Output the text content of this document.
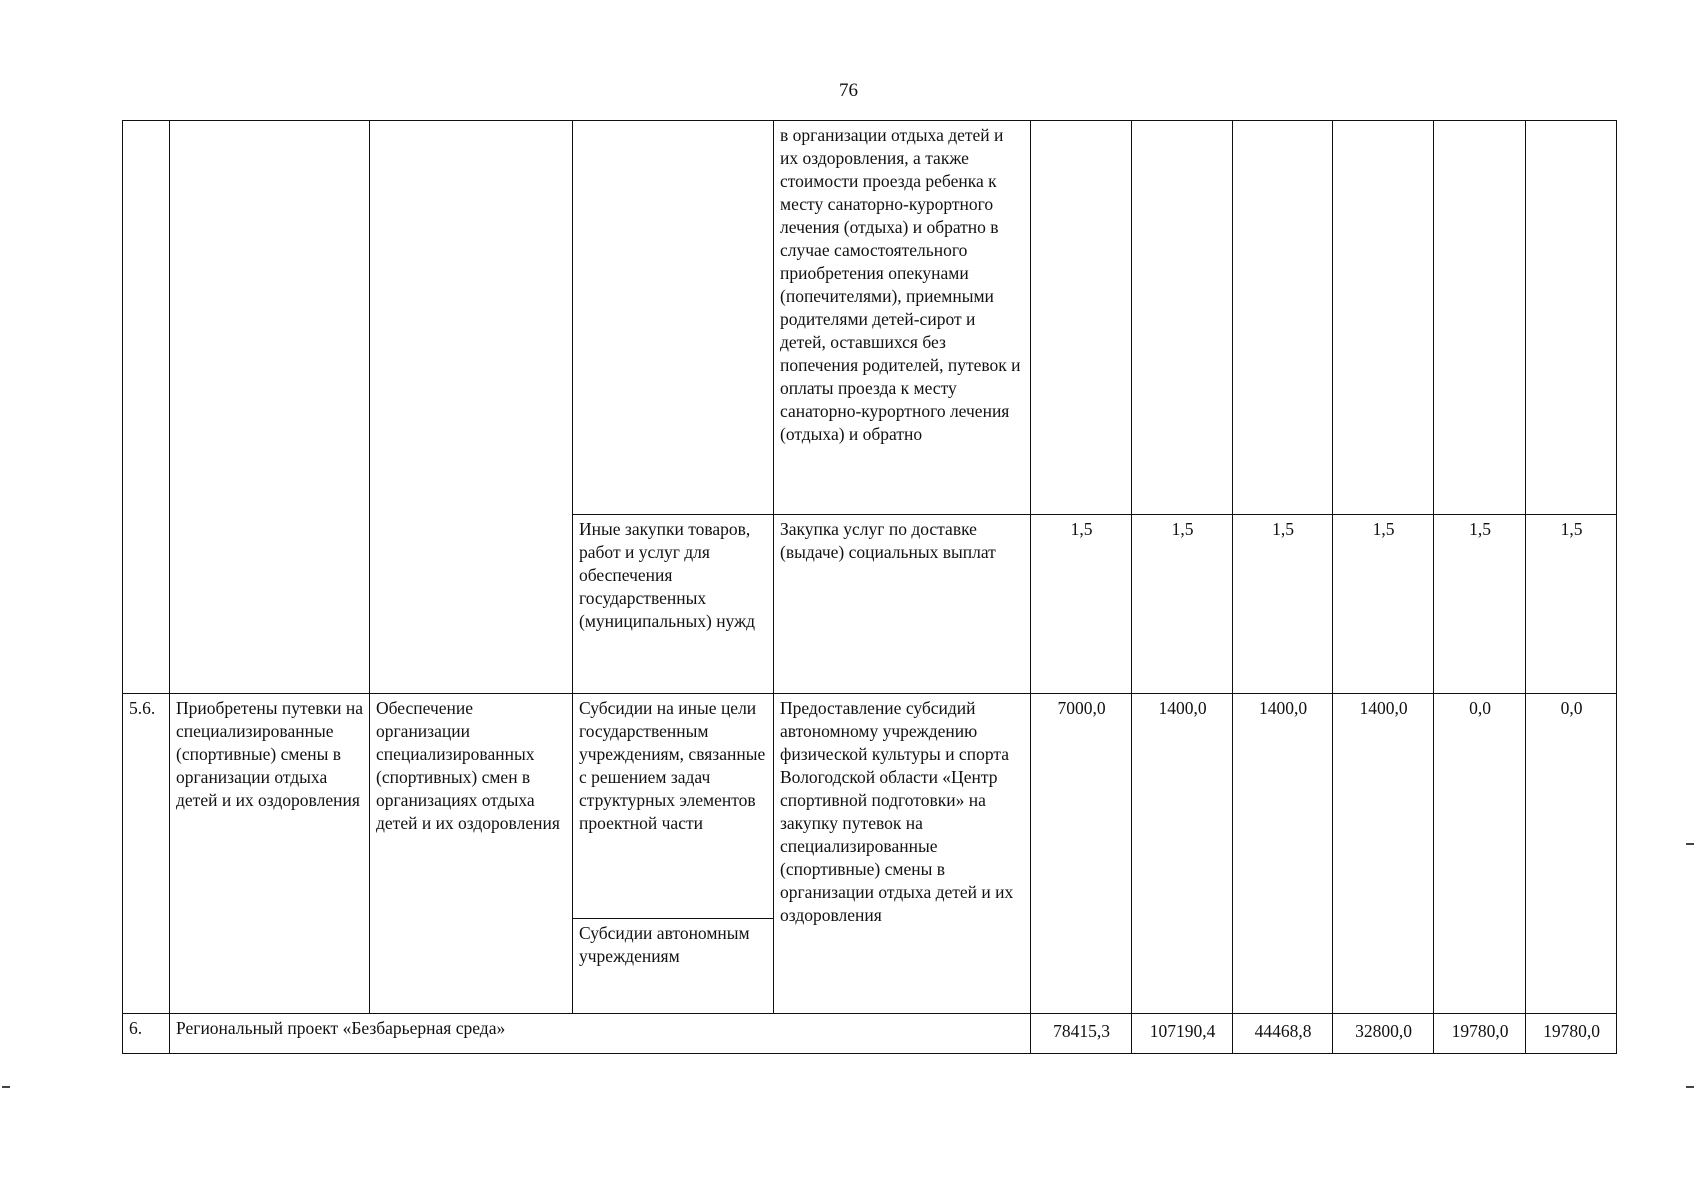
76
				в организации отдыха детей и их оздоровления, а также стоимости проезда ребенка к месту санаторно-курортного лечения (отдыха) и обратно в случае самостоятельного приобретения опекунами (попечителями), приемными родителями детей-сирот и детей, оставшихся без попечения родителей, путевок и оплаты проезда к месту санаторно-курортного лечения (отдыха) и обратно						
			Иные закупки товаров, работ и услуг для обеспечения государственных (муниципальных) нужд	Закупка услуг по доставке (выдаче) социальных выплат	1,5	1,5	1,5	1,5	1,5	1,5
5.6.	Приобретены путевки на специализированные (спортивные) смены в организации отдыха детей и их оздоровления	Обеспечение организации специализированных (спортивных) смен в организациях отдыха детей и их оздоровления	Субсидии на иные цели государственным учреждениям, связанные с решением задач структурных элементов проектной части	Предоставление субсидий автономному учреждению физической культуры и спорта Вологодской области «Центр спортивной подготовки» на закупку путевок на специализированные (спортивные) смены в организации отдыха детей и их оздоровления	7000,0	1400,0	1400,0	1400,0	0,0	0,0
			Субсидии автономным учреждениям							
6.	Региональный проект «Безбарьерная среда»				78415,3	107190,4	44468,8	32800,0	19780,0	19780,0
